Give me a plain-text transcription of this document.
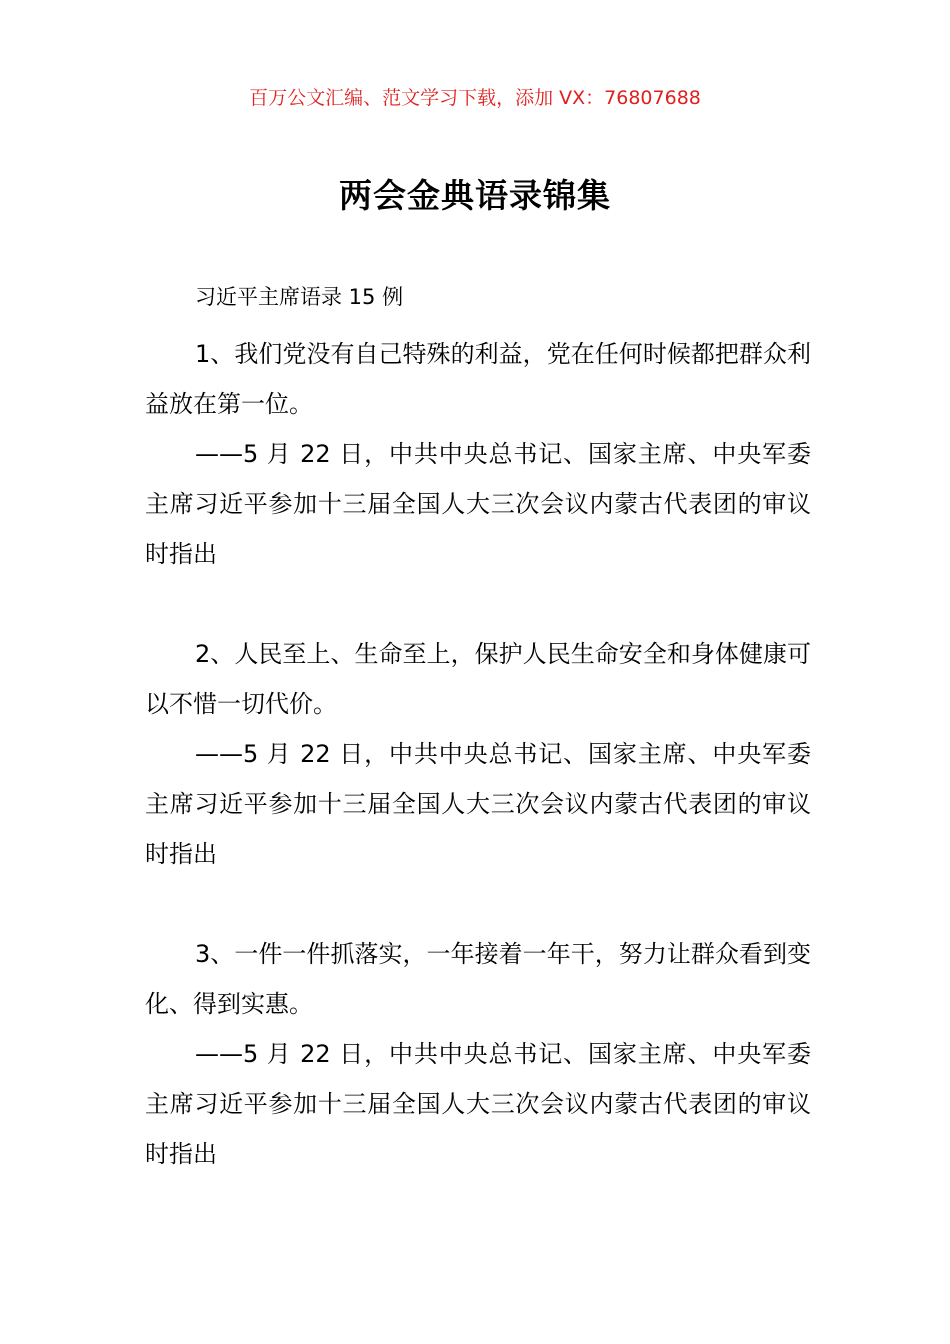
百万公文汇编、范文学习下载，添加 VX：76807688
两会金典语录锦集

习近平主席语录 15 例

1、我们党没有自己特殊的利益，党在任何时候都把群众利益放在第一位。

——5 月 22 日，中共中央总书记、国家主席、中央军委主席习近平参加十三届全国人大三次会议内蒙古代表团的审议时指出

2、人民至上、生命至上，保护人民生命安全和身体健康可以不惜一切代价。

——5 月 22 日，中共中央总书记、国家主席、中央军委主席习近平参加十三届全国人大三次会议内蒙古代表团的审议时指出

3、一件一件抓落实，一年接着一年干，努力让群众看到变化、得到实惠。

——5 月 22 日，中共中央总书记、国家主席、中央军委主席习近平参加十三届全国人大三次会议内蒙古代表团的审议时指出
